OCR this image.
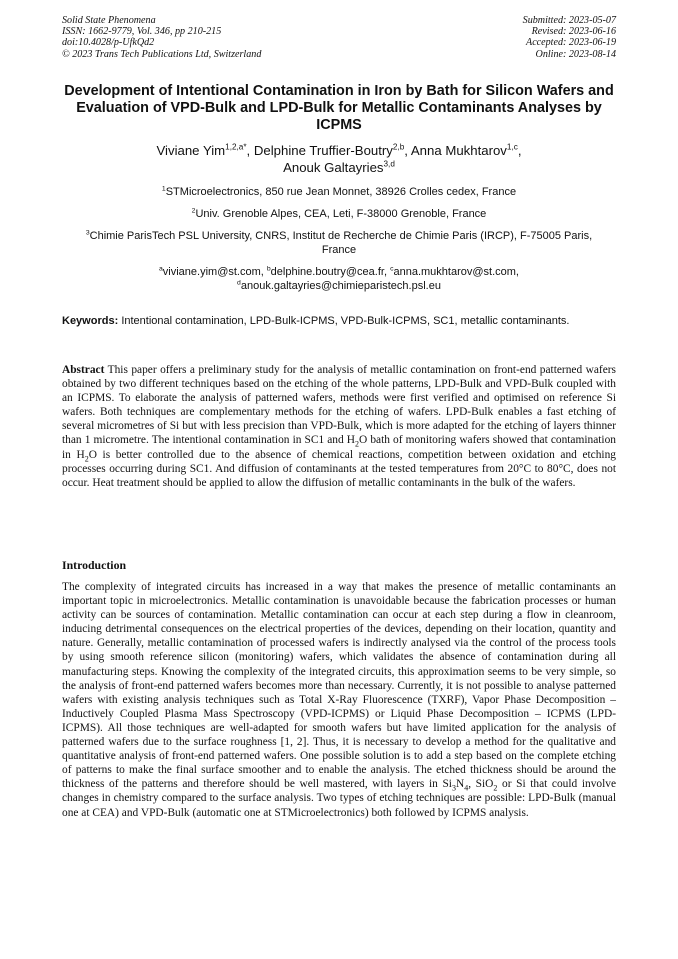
Solid State Phenomena
ISSN: 1662-9779, Vol. 346, pp 210-215
doi:10.4028/p-UfkQd2
© 2023 Trans Tech Publications Ltd, Switzerland
Submitted: 2023-05-07
Revised: 2023-06-16
Accepted: 2023-06-19
Online: 2023-08-14
Development of Intentional Contamination in Iron by Bath for Silicon Wafers and Evaluation of VPD-Bulk and LPD-Bulk for Metallic Contaminants Analyses by ICPMS
Viviane Yim$^{1,2,a*}$, Delphine Truffier-Boutry$^{2,b}$, Anna Mukhtarov$^{1,c}$,
Anouk Galtayries$^{3,d}$
$^1$STMicroelectronics, 850 rue Jean Monnet, 38926 Crolles cedex, France
$^2$Univ. Grenoble Alpes, CEA, Leti, F-38000 Grenoble, France
$^3$Chimie ParisTech PSL University, CNRS, Institut de Recherche de Chimie Paris (IRCP), F-75005 Paris, France
$^a$viviane.yim@st.com, $^b$delphine.boutry@cea.fr, $^c$anna.mukhtarov@st.com,
$^d$anouk.galtayries@chimieparistech.psl.eu
Keywords: Intentional contamination, LPD-Bulk-ICPMS, VPD-Bulk-ICPMS, SC1, metallic contaminants.
Abstract This paper offers a preliminary study for the analysis of metallic contamination on front-end patterned wafers obtained by two different techniques based on the etching of the whole patterns, LPD-Bulk and VPD-Bulk coupled with an ICPMS. To elaborate the analysis of patterned wafers, methods were first verified and optimised on reference Si wafers. Both techniques are complementary methods for the etching of wafers. LPD-Bulk enables a fast etching of several micrometres of Si but with less precision than VPD-Bulk, which is more adapted for the etching of layers thinner than 1 micrometre. The intentional contamination in SC1 and $H_2O$ bath of monitoring wafers showed that contamination in $H_2O$ is better controlled due to the absence of chemical reactions, competition between oxidation and etching processes occurring during SC1. And diffusion of contaminants at the tested temperatures from 20°C to 80°C, does not occur. Heat treatment should be applied to allow the diffusion of metallic contaminants in the bulk of the wafers.
Introduction
The complexity of integrated circuits has increased in a way that makes the presence of metallic contaminants an important topic in microelectronics. Metallic contamination is unavoidable because the fabrication processes or human activity can be sources of contamination. Metallic contamination can occur at each step during a flow in cleanroom, inducing detrimental consequences on the electrical properties of the devices, depending on their location, quantity and nature. Generally, metallic contamination of processed wafers is indirectly analysed via the control of the process tools by using smooth reference silicon (monitoring) wafers, which validates the absence of contamination during all manufacturing steps. Knowing the complexity of the integrated circuits, this approximation seems to be very simple, so the analysis of front-end patterned wafers becomes more than necessary. Currently, it is not possible to analyse patterned wafers with existing analysis techniques such as Total X-Ray Fluorescence (TXRF), Vapor Phase Decomposition – Inductively Coupled Plasma Mass Spectroscopy (VPD-ICPMS) or Liquid Phase Decomposition – ICPMS (LPD-ICPMS). All those techniques are well-adapted for smooth wafers but have limited application for the analysis of patterned wafers due to the surface roughness [1, 2]. Thus, it is necessary to develop a method for the qualitative and quantitative analysis of front-end patterned wafers. One possible solution is to add a step based on the complete etching of patterns to make the final surface smoother and to enable the analysis. The etched thickness should be around the thickness of the patterns and therefore should be well mastered, with layers in $Si_3N_4$, SiO$_2$ or Si that could involve changes in chemistry compared to the surface analysis. Two types of etching techniques are possible: LPD-Bulk (manual one at CEA) and VPD-Bulk (automatic one at STMicroelectronics) both followed by ICPMS analysis.
